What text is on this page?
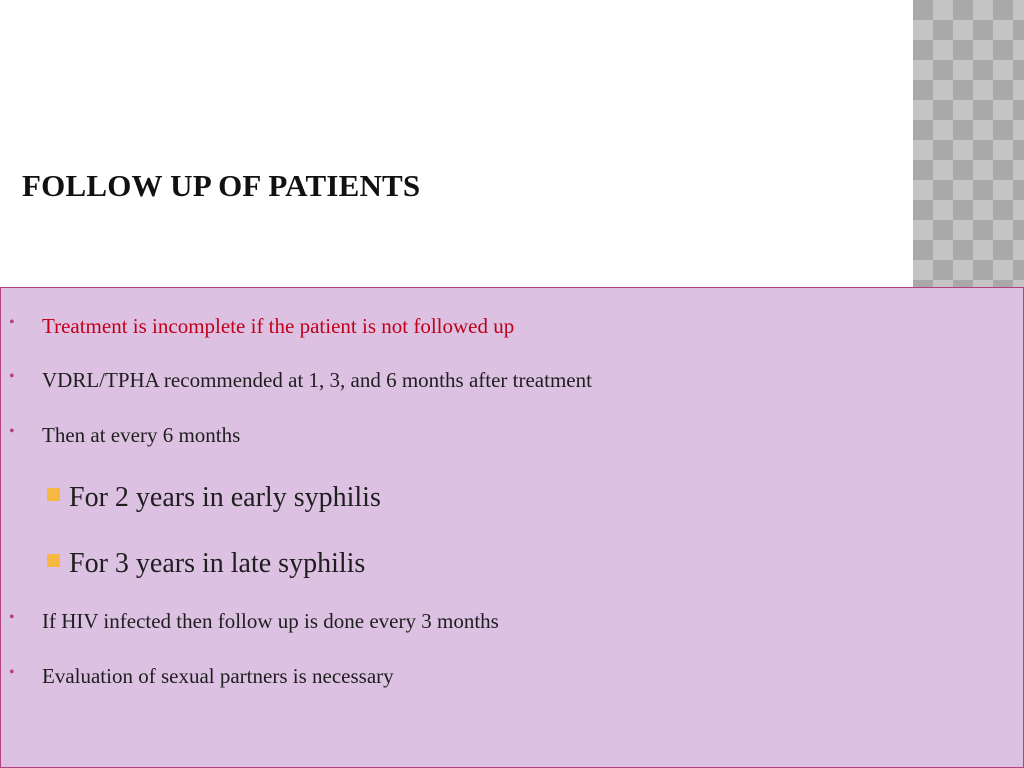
FOLLOW UP OF PATIENTS
• Treatment is incomplete if the patient is not followed up
• VDRL/TPHA recommended at 1, 3, and 6 months after treatment
• Then at every 6 months
For 2 years in early syphilis
For 3 years in late syphilis
• If HIV infected then follow up is done every 3 months
• Evaluation of sexual partners is necessary
